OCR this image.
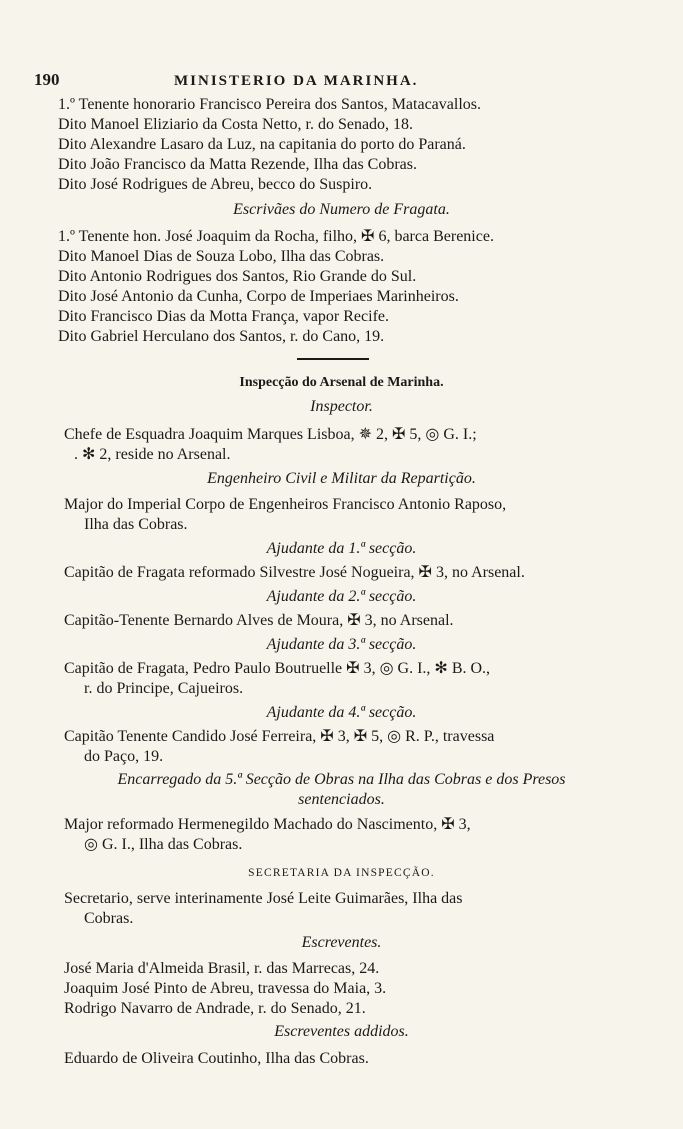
190	MINISTERIO DA MARINHA.
1.º Tenente honorario Francisco Pereira dos Santos, Matacavallos.
Dito Manoel Eliziario da Costa Netto, r. do Senado, 18.
Dito Alexandre Lasaro da Luz, na capitania do porto do Paraná.
Dito João Francisco da Matta Rezende, Ilha das Cobras.
Dito José Rodrigues de Abreu, becco do Suspiro.
Escrivães do Numero de Fragata.
1.º Tenente hon. José Joaquim da Rocha, filho, ✠ 6, barca Berenice.
Dito Manoel Dias de Souza Lobo, Ilha das Cobras.
Dito Antonio Rodrigues dos Santos, Rio Grande do Sul.
Dito José Antonio da Cunha, Corpo de Imperiaes Marinheiros.
Dito Francisco Dias da Motta França, vapor Recife.
Dito Gabriel Herculano dos Santos, r. do Cano, 19.
Inspecção do Arsenal de Marinha.
Inspector.
Chefe de Esquadra Joaquim Marques Lisboa, ✵ 2, ✠ 5, ◎ G. I.;
. ✻ 2, reside no Arsenal.
Engenheiro Civil e Militar da Repartição.
Major do Imperial Corpo de Engenheiros Francisco Antonio Raposo,
Ilha das Cobras.
Ajudante da 1.ª secção.
Capitão de Fragata reformado Silvestre José Nogueira, ✠ 3, no Arsenal.
Ajudante da 2.ª secção.
Capitão-Tenente Bernardo Alves de Moura, ✠ 3, no Arsenal.
Ajudante da 3.ª secção.
Capitão de Fragata, Pedro Paulo Boutruelle ✠ 3, ◎ G. I., ✻ B. O.,
r. do Principe, Cajueiros.
Ajudante da 4.ª secção.
Capitão Tenente Candido José Ferreira, ✠ 3, ✠ 5, ◎ R. P., travessa
do Paço, 19.
Encarregado da 5.ª Secção de Obras na Ilha das Cobras e dos Presos
sentenciados.
Major reformado Hermenegildo Machado do Nascimento, ✠ 3,
◎ G. I., Ilha das Cobras.
SECRETARIA DA INSPECÇÃO.
Secretario, serve interinamente José Leite Guimarães, Ilha das
Cobras.
Escreventes.
José Maria d'Almeida Brasil, r. das Marrecas, 24.
Joaquim José Pinto de Abreu, travessa do Maia, 3.
Rodrigo Navarro de Andrade, r. do Senado, 21.
Escreventes addidos.
Eduardo de Oliveira Coutinho, Ilha das Cobras.
